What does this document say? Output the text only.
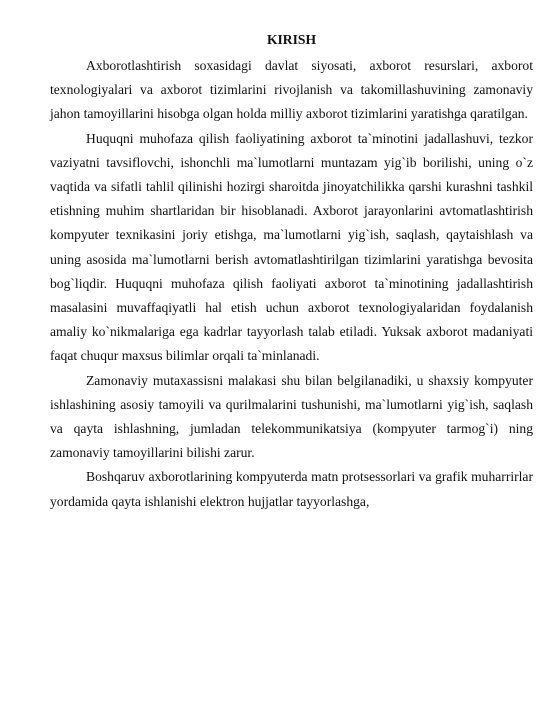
KIRISH

Axborotlashtirish soxasidagi davlat siyosati, axborot resurslari, axborot texnologiyalari va axborot tizimlarini rivojlanish va takomillashuvining zamonaviy jahon tamoyillarini hisobga olgan holda milliy axborot tizimlarini yaratishga qaratilgan.

Huquqni muhofaza qilish faoliyatining axborot ta`minotini jadallashuvi, tezkor vaziyatni tavsiflovchi, ishonchli ma`lumotlarni muntazam yig`ib borilishi, uning o`z vaqtida va sifatli tahlil qilinishi hozirgi sharoitda jinoyatchilikka qarshi kurashni tashkil etishning muhim shartlaridan bir hisoblanadi. Axborot jarayonlarini avtomatlashtirish kompyuter texnikasini joriy etishga, ma`lumotlarni yig`ish, saqlash, qaytaishlash va uning asosida ma`lumotlarni berish avtomatlashtirilgan tizimlarini yaratishga bevosita bog`liqdir. Huquqni muhofaza qilish faoliyati axborot ta`minotining jadallashtirish masalasini muvaffaqiyatli hal etish uchun axborot texnologiyalaridan foydalanish amaliy ko`nikmalariga ega kadrlar tayyorlash talab etiladi. Yuksak axborot madaniyati faqat chuqur maxsus bilimlar orqali ta`minlanadi.

Zamonaviy mutaxassisni malakasi shu bilan belgilanadiki, u shaxsiy kompyuter ishlashining asosiy tamoyili va qurilmalarini tushunishi, ma`lumotlarni yig`ish, saqlash va qayta ishlashning, jumladan telekommunikatsiya (kompyuter tarmog`i) ning zamonaviy tamoyillarini bilishi zarur.

Boshqaruv axborotlarining kompyuterda matn protsessorlari va grafik muharrirlar yordamida qayta ishlanishi elektron hujjatlar tayyorlashga,
